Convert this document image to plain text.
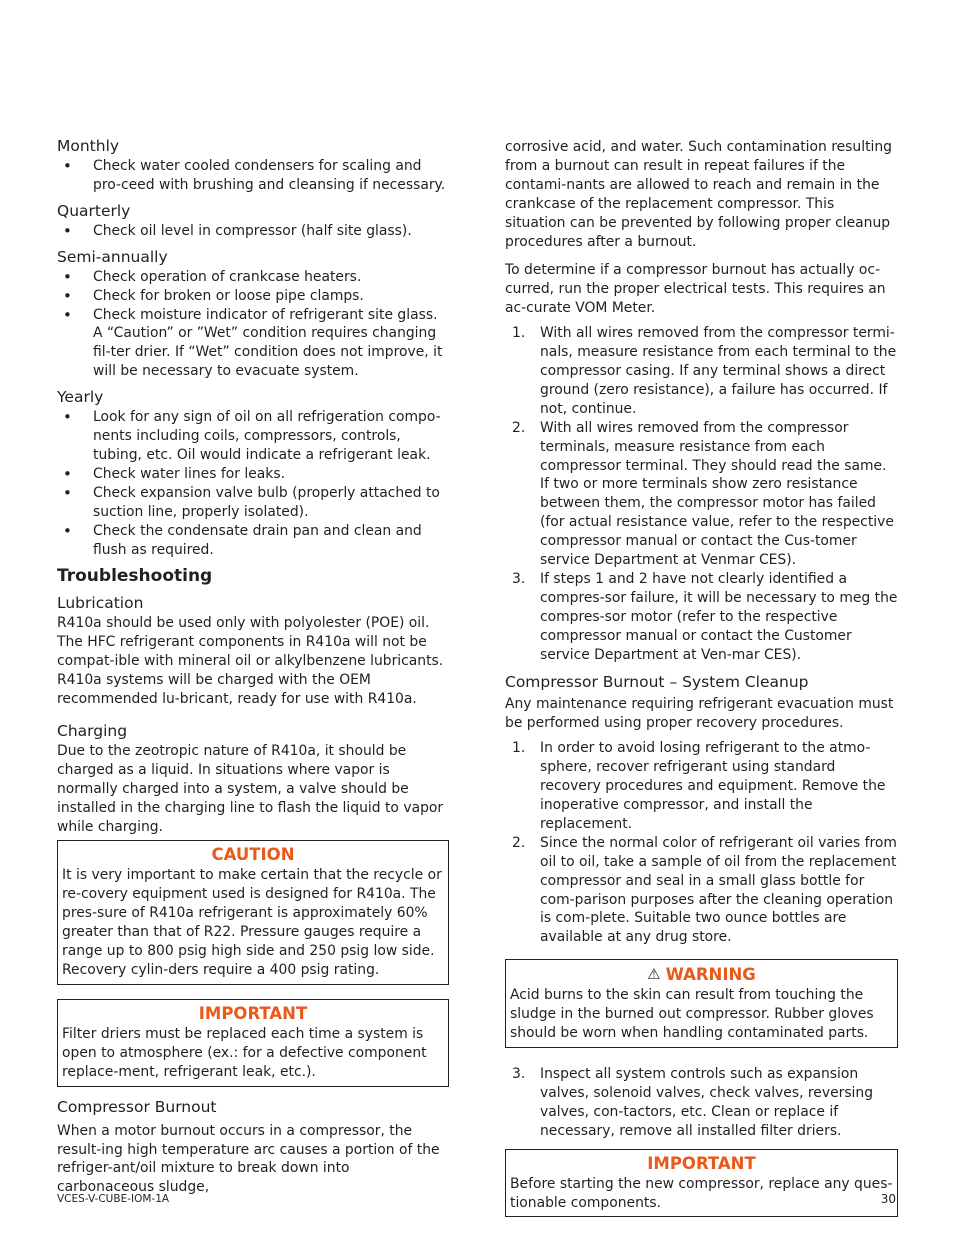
Monthly
• Check water cooled condensers for scaling and pro-ceed with brushing and cleansing if necessary.
Quarterly
• Check oil level in compressor (half site glass).
Semi-annually
• Check operation of crankcase heaters.
• Check for broken or loose pipe clamps.
• Check moisture indicator of refrigerant site glass. A “Caution” or ”Wet” condition requires changing fil-ter drier. If “Wet” condition does not improve, it will be necessary to evacuate system.
Yearly
• Look for any sign of oil on all refrigeration compo-nents including coils, compressors, controls, tubing, etc. Oil would indicate a refrigerant leak.
• Check water lines for leaks.
• Check expansion valve bulb (properly attached to suction line, properly isolated).
• Check the condensate drain pan and clean and flush as required.
Troubleshooting
Lubrication

R410a should be used only with polyolester (POE) oil. The HFC refrigerant components in R410a will not be compat-ible with mineral oil or alkylbenzene lubricants. R410a systems will be charged with the OEM recommended lu-bricant, ready for use with R410a.

Charging

Due to the zeotropic nature of R410a, it should be charged as a liquid. In situations where vapor is normally charged into a system, a valve should be installed in the charging line to flash the liquid to vapor while charging.

CAUTION

It is very important to make certain that the recycle or re-covery equipment used is designed for R410a. The pres-sure of R410a refrigerant is approximately 60% greater than that of R22. Pressure gauges require a range up to 800 psig high side and 250 psig low side. Recovery cylin-ders require a 400 psig rating.

IMPORTANT

Filter driers must be replaced each time a system is open to atmosphere (ex.: for a defective component replace-ment, refrigerant leak, etc.).

Compressor Burnout

When a motor burnout occurs in a compressor, the result-ing high temperature arc causes a portion of the refriger-ant/oil mixture to break down into carbonaceous sludge,

corrosive acid, and water. Such contamination resulting from a burnout can result in repeat failures if the contami-nants are allowed to reach and remain in the crankcase of the replacement compressor. This situation can be prevented by following proper cleanup procedures after a burnout.

To determine if a compressor burnout has actually oc-curred, run the proper electrical tests. This requires an ac-curate VOM Meter.

1. With all wires removed from the compressor termi-nals, measure resistance from each terminal to the compressor casing. If any terminal shows a direct ground (zero resistance), a failure has occurred. If not, continue.
2. With all wires removed from the compressor terminals, measure resistance from each compressor terminal. They should read the same. If two or more terminals show zero resistance between them, the compressor motor has failed (for actual resistance value, refer to the respective compressor manual or contact the Cus-tomer service Department at Venmar CES).
3. If steps 1 and 2 have not clearly identified a compres-sor failure, it will be necessary to meg the compres-sor motor (refer to the respective compressor manual or contact the Customer service Department at Ven-mar CES).
Compressor Burnout – System Cleanup

Any maintenance requiring refrigerant evacuation must be performed using proper recovery procedures.

1. In order to avoid losing refrigerant to the atmo-sphere, recover refrigerant using standard recovery procedures and equipment. Remove the inoperative compressor, and install the replacement.
2. Since the normal color of refrigerant oil varies from oil to oil, take a sample of oil from the replacement compressor and seal in a small glass bottle for com-parison purposes after the cleaning operation is com-plete. Suitable two ounce bottles are available at any drug store.
⚠ WARNING

Acid burns to the skin can result from touching the sludge in the burned out compressor. Rubber gloves should be worn when handling contaminated parts.

3. Inspect all system controls such as expansion valves, solenoid valves, check valves, reversing valves, con-tactors, etc. Clean or replace if necessary, remove all installed filter driers.
IMPORTANT

Before starting the new compressor, replace any ques-tionable components.

VCES-V-CUBE-IOM-1A	30
